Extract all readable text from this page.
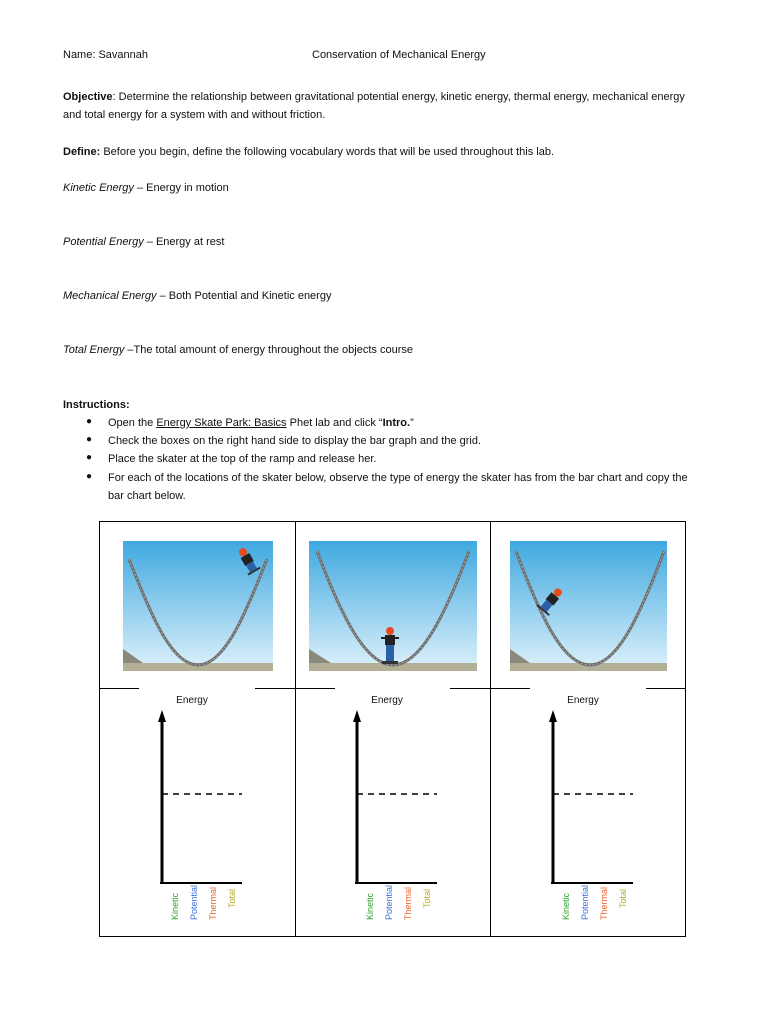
Name: Savannah	Conservation of Mechanical Energy
Objective: Determine the relationship between gravitational potential energy, kinetic energy, thermal energy, mechanical energy
and total energy for a system with and without friction.
Define: Before you begin, define the following vocabulary words that will be used throughout this lab.
Kinetic Energy – Energy in motion
Potential Energy – Energy at rest
Mechanical Energy – Both Potential and Kinetic energy
Total Energy –The total amount of energy throughout the objects course
Instructions:
● Open the Energy Skate Park: Basics Phet lab and click “Intro.”
● Check the boxes on the right hand side to display the bar graph and the grid.
● Place the skater at the top of the ramp and release her.
● For each of the locations of the skater below, observe the type of energy the skater has from the bar chart and copy the
bar chart below.
Energy
Kinetic Potential Thermal Total
Energy
Kinetic Potential Thermal Total
Energy
Kinetic Potential Thermal Total
